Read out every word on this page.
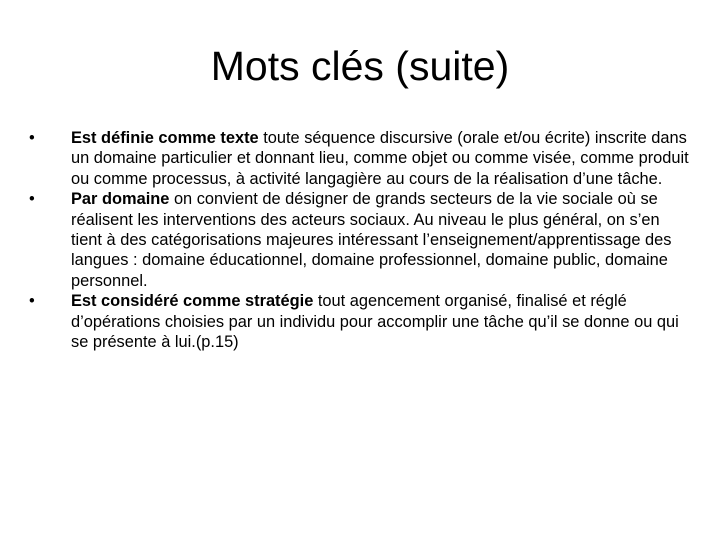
Mots clés (suite)
•	Est définie comme texte toute séquence discursive (orale et/ou écrite) inscrite dans un domaine particulier et donnant lieu, comme objet ou comme visée, comme produit ou comme processus, à activité langagière au cours de la réalisation d’une tâche.
•	Par domaine on convient de désigner de grands secteurs de la vie sociale où se réalisent les interventions des acteurs sociaux. Au niveau le plus général, on s’en tient à des catégorisations majeures intéressant l’enseignement/apprentissage des langues : domaine éducationnel, domaine professionnel, domaine public, domaine personnel.
•	Est considéré comme stratégie tout agencement organisé, finalisé et réglé d’opérations choisies par un individu pour accomplir une tâche qu’il se donne ou qui se présente à lui.(p.15)
